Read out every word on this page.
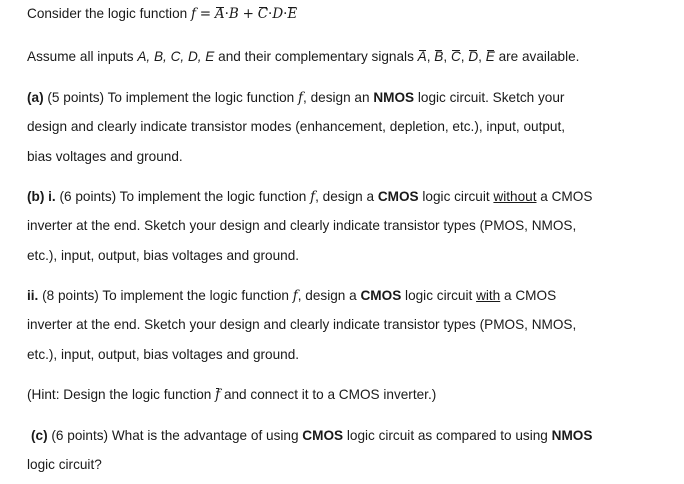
Consider the logic function f = A·B + C·D·E
Assume all inputs A, B, C, D, E and their complementary signals A, B, C, D, E are available.
(a) (5 points) To implement the logic function f, design an NMOS logic circuit. Sketch your
design and clearly indicate transistor modes (enhancement, depletion, etc.), input, output,
bias voltages and ground.
(b) i. (6 points) To implement the logic function f, design a CMOS logic circuit without a CMOS
inverter at the end. Sketch your design and clearly indicate transistor types (PMOS, NMOS,
etc.), input, output, bias voltages and ground.
ii. (8 points) To implement the logic function f, design a CMOS logic circuit with a CMOS
inverter at the end. Sketch your design and clearly indicate transistor types (PMOS, NMOS,
etc.), input, output, bias voltages and ground.
(Hint: Design the logic function f and connect it to a CMOS inverter.)
(c) (6 points) What is the advantage of using CMOS logic circuit as compared to using NMOS
logic circuit?
